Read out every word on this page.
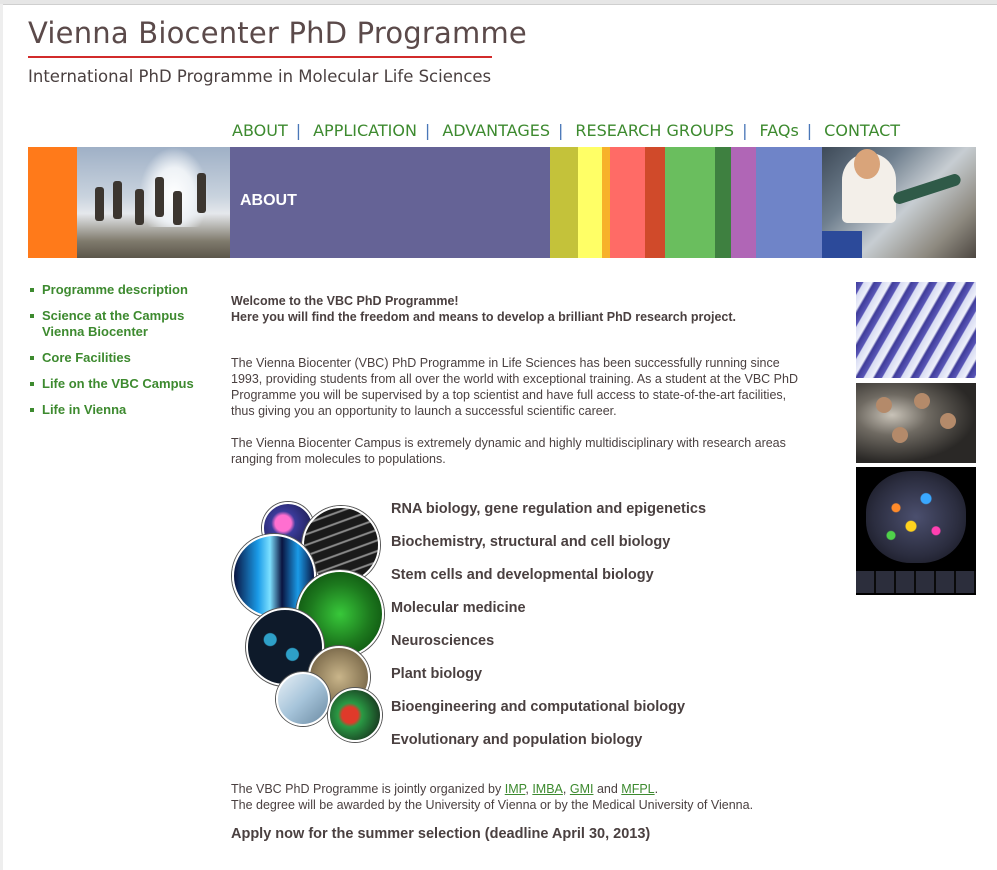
Vienna Biocenter PhD Programme
International PhD Programme in Molecular Life Sciences
ABOUT | APPLICATION | ADVANTAGES | RESEARCH GROUPS | FAQs | CONTACT
ABOUT
Programme description
Science at the Campus Vienna Biocenter
Core Facilities
Life on the VBC Campus
Life in Vienna

Welcome to the VBC PhD Programme!

Here you will find the freedom and means to develop a brilliant PhD research project.

The Vienna Biocenter (VBC) PhD Programme in Life Sciences has been successfully running since 1993, providing students from all over the world with exceptional training. As a student at the VBC PhD Programme you will be supervised by a top scientist and have full access to state-of-the-art facilities, thus giving you an opportunity to launch a successful scientific career.

The Vienna Biocenter Campus is extremely dynamic and highly multidisciplinary with research areas ranging from molecules to populations.

RNA biology, gene regulation and epigenetics
Biochemistry, structural and cell biology
Stem cells and developmental biology
Molecular medicine
Neurosciences
Plant biology
Bioengineering and computational biology
Evolutionary and population biology
The VBC PhD Programme is jointly organized by IMP, IMBA, GMI and MFPL.
The degree will be awarded by the University of Vienna or by the Medical University of Vienna.
Apply now for the summer selection (deadline April 30, 2013)
